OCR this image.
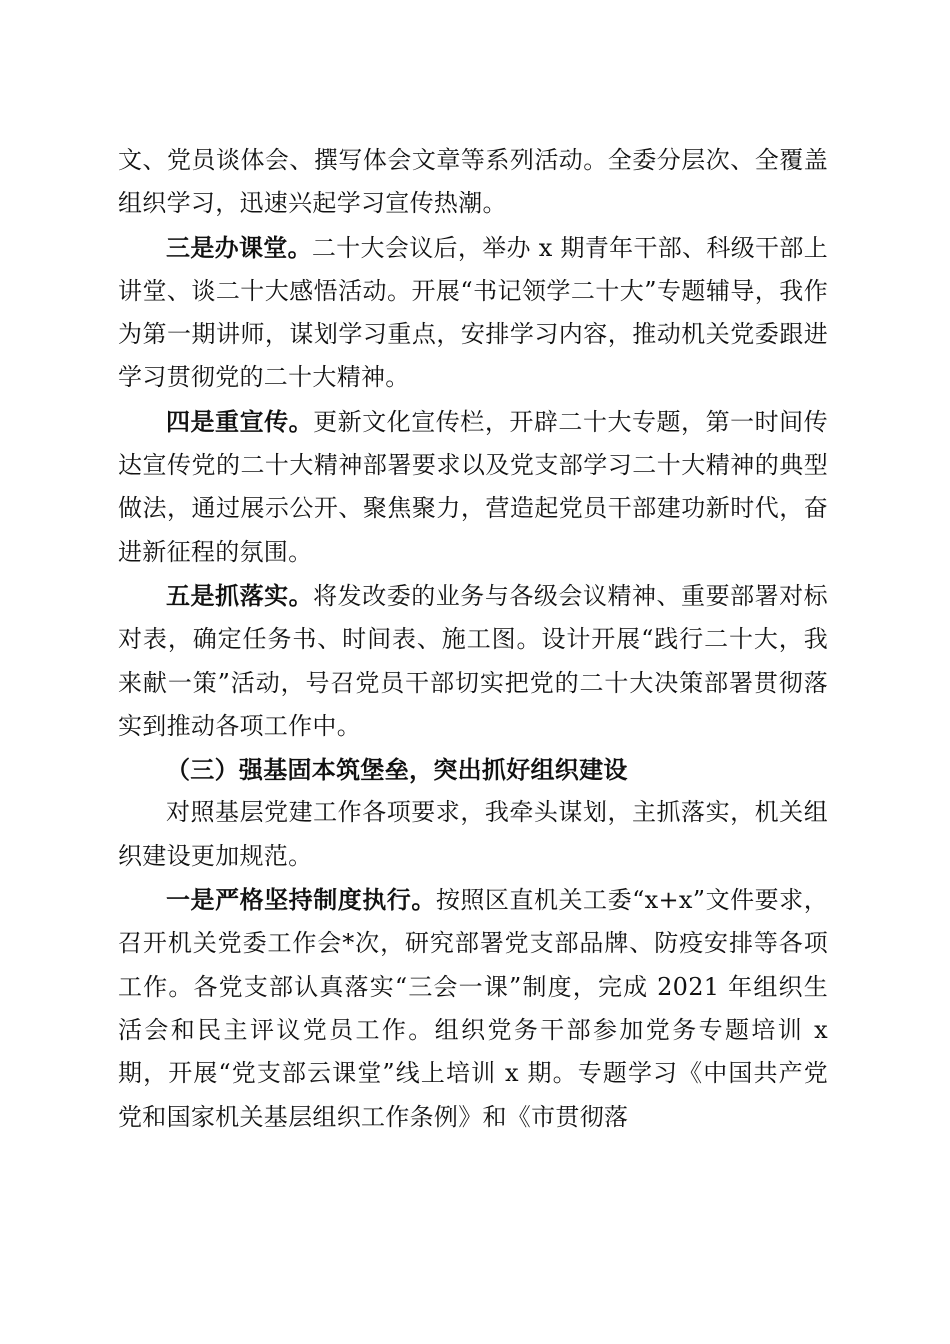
文、党员谈体会、撰写体会文章等系列活动。全委分层次、全覆盖组织学习，迅速兴起学习宣传热潮。

三是办课堂。二十大会议后，举办 x 期青年干部、科级干部上讲堂、谈二十大感悟活动。开展“书记领学二十大”专题辅导，我作为第一期讲师，谋划学习重点，安排学习内容，推动机关党委跟进学习贯彻党的二十大精神。

四是重宣传。更新文化宣传栏，开辟二十大专题，第一时间传达宣传党的二十大精神部署要求以及党支部学习二十大精神的典型做法，通过展示公开、聚焦聚力，营造起党员干部建功新时代，奋进新征程的氛围。

五是抓落实。将发改委的业务与各级会议精神、重要部署对标对表，确定任务书、时间表、施工图。设计开展“践行二十大，我来献一策”活动，号召党员干部切实把党的二十大决策部署贯彻落实到推动各项工作中。

（三）强基固本筑堡垒，突出抓好组织建设

对照基层党建工作各项要求，我牵头谋划，主抓落实，机关组织建设更加规范。

一是严格坚持制度执行。按照区直机关工委“x+x”文件要求，召开机关党委工作会*次，研究部署党支部品牌、防疫安排等各项工作。各党支部认真落实“三会一课”制度，完成 2021 年组织生活会和民主评议党员工作。组织党务干部参加党务专题培训 x 期，开展“党支部云课堂”线上培训 x 期。专题学习《中国共产党党和国家机关基层组织工作条例》和《市贯彻落
